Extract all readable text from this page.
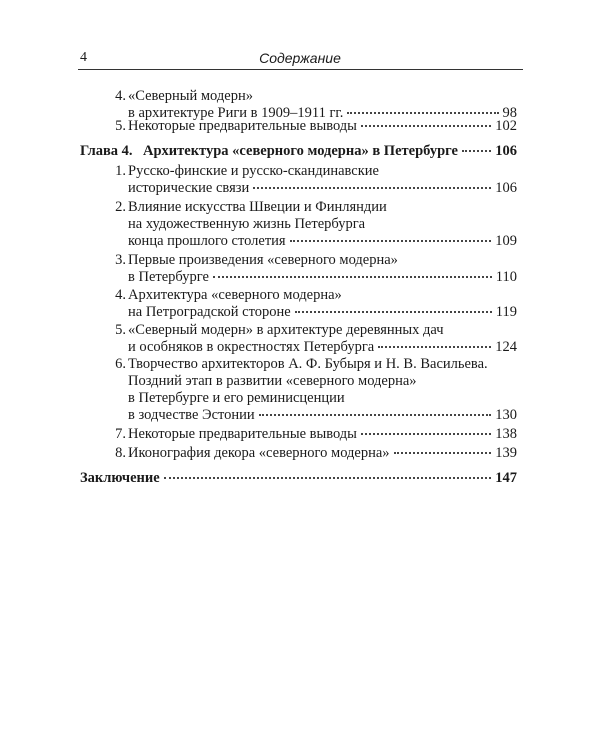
4	Содержание
4. «Северный модерн»
в архитектуре Риги в 1909–1911 гг.	98
5. Некоторые предварительные выводы	102
Глава 4. Архитектура «северного модерна» в Петербурге	106
1. Русско-финские и русско-скандинавские
исторические связи	106
2. Влияние искусства Швеции и Финляндии
на художественную жизнь Петербурга
конца прошлого столетия	109
3. Первые произведения «северного модерна»
в Петербурге	110
4. Архитектура «северного модерна»
на Петроградской стороне	119
5. «Северный модерн» в архитектуре деревянных дач
и особняков в окрестностях Петербурга	124
6. Творчество архитекторов А. Ф. Бубыря и Н. В. Васильева.
Поздний этап в развитии «северного модерна»
в Петербурге и его реминисценции
в зодчестве Эстонии	130
7. Некоторые предварительные выводы	138
8. Иконография декора «северного модерна»	139
Заключение	147
